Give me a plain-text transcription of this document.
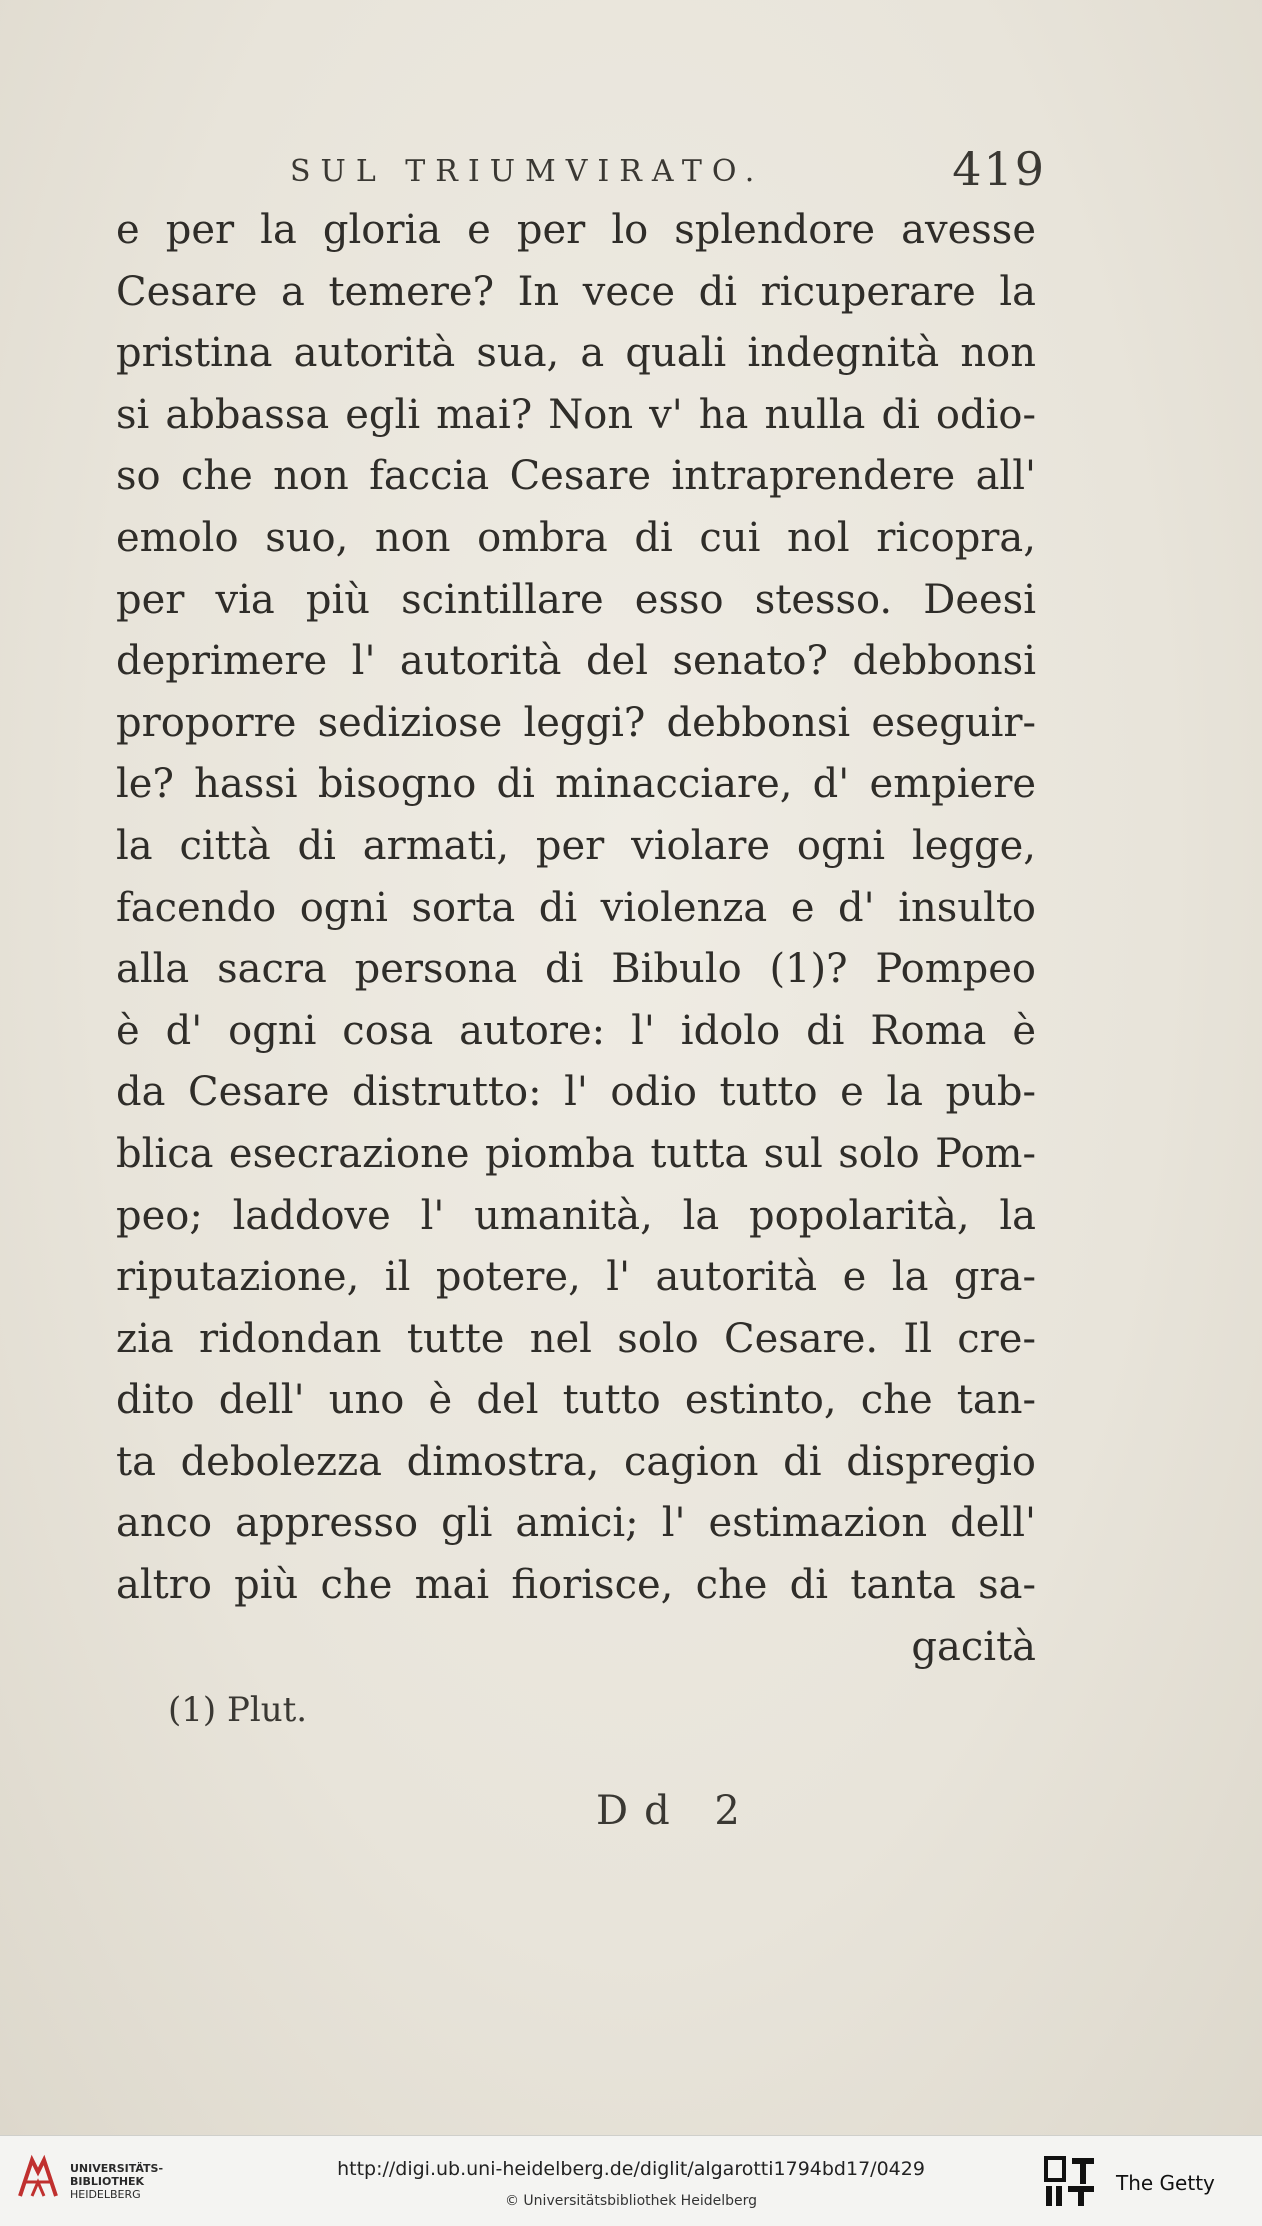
SUL TRIUMVIRATO.	419
e per la gloria e per lo splendore avesse
Cesare a temere? In vece di ricuperare la
pristina autorità sua, a quali indegnità non
si abbassa egli mai? Non v' ha nulla di odio-
so che non faccia Cesare intraprendere all'
emolo suo, non ombra di cui nol ricopra,
per via più scintillare esso stesso. Deesi
deprimere l' autorità del senato? debbonsi
proporre sediziose leggi? debbonsi eseguir-
le? hassi bisogno di minacciare, d' empiere
la città di armati, per violare ogni legge,
facendo ogni sorta di violenza e d' insulto
alla sacra persona di Bibulo (1)? Pompeo
è d' ogni cosa autore: l' idolo di Roma è
da Cesare distrutto: l' odio tutto e la pub-
blica esecrazione piomba tutta sul solo Pom-
peo; laddove l' umanità, la popolarità, la
riputazione, il potere, l' autorità e la gra-
zia ridondan tutte nel solo Cesare. Il cre-
dito dell' uno è del tutto estinto, che tan-
ta debolezza dimostra, cagion di dispregio
anco appresso gli amici; l' estimazion dell'
altro più che mai fiorisce, che di tanta sa-
gacità
(1) Plut.
Dd 2
UNIVERSITÄTS-
BIBLIOTHEK
HEIDELBERG
http://digi.ub.uni-heidelberg.de/diglit/algarotti1794bd17/0429
© Universitätsbibliothek Heidelberg
The Getty
